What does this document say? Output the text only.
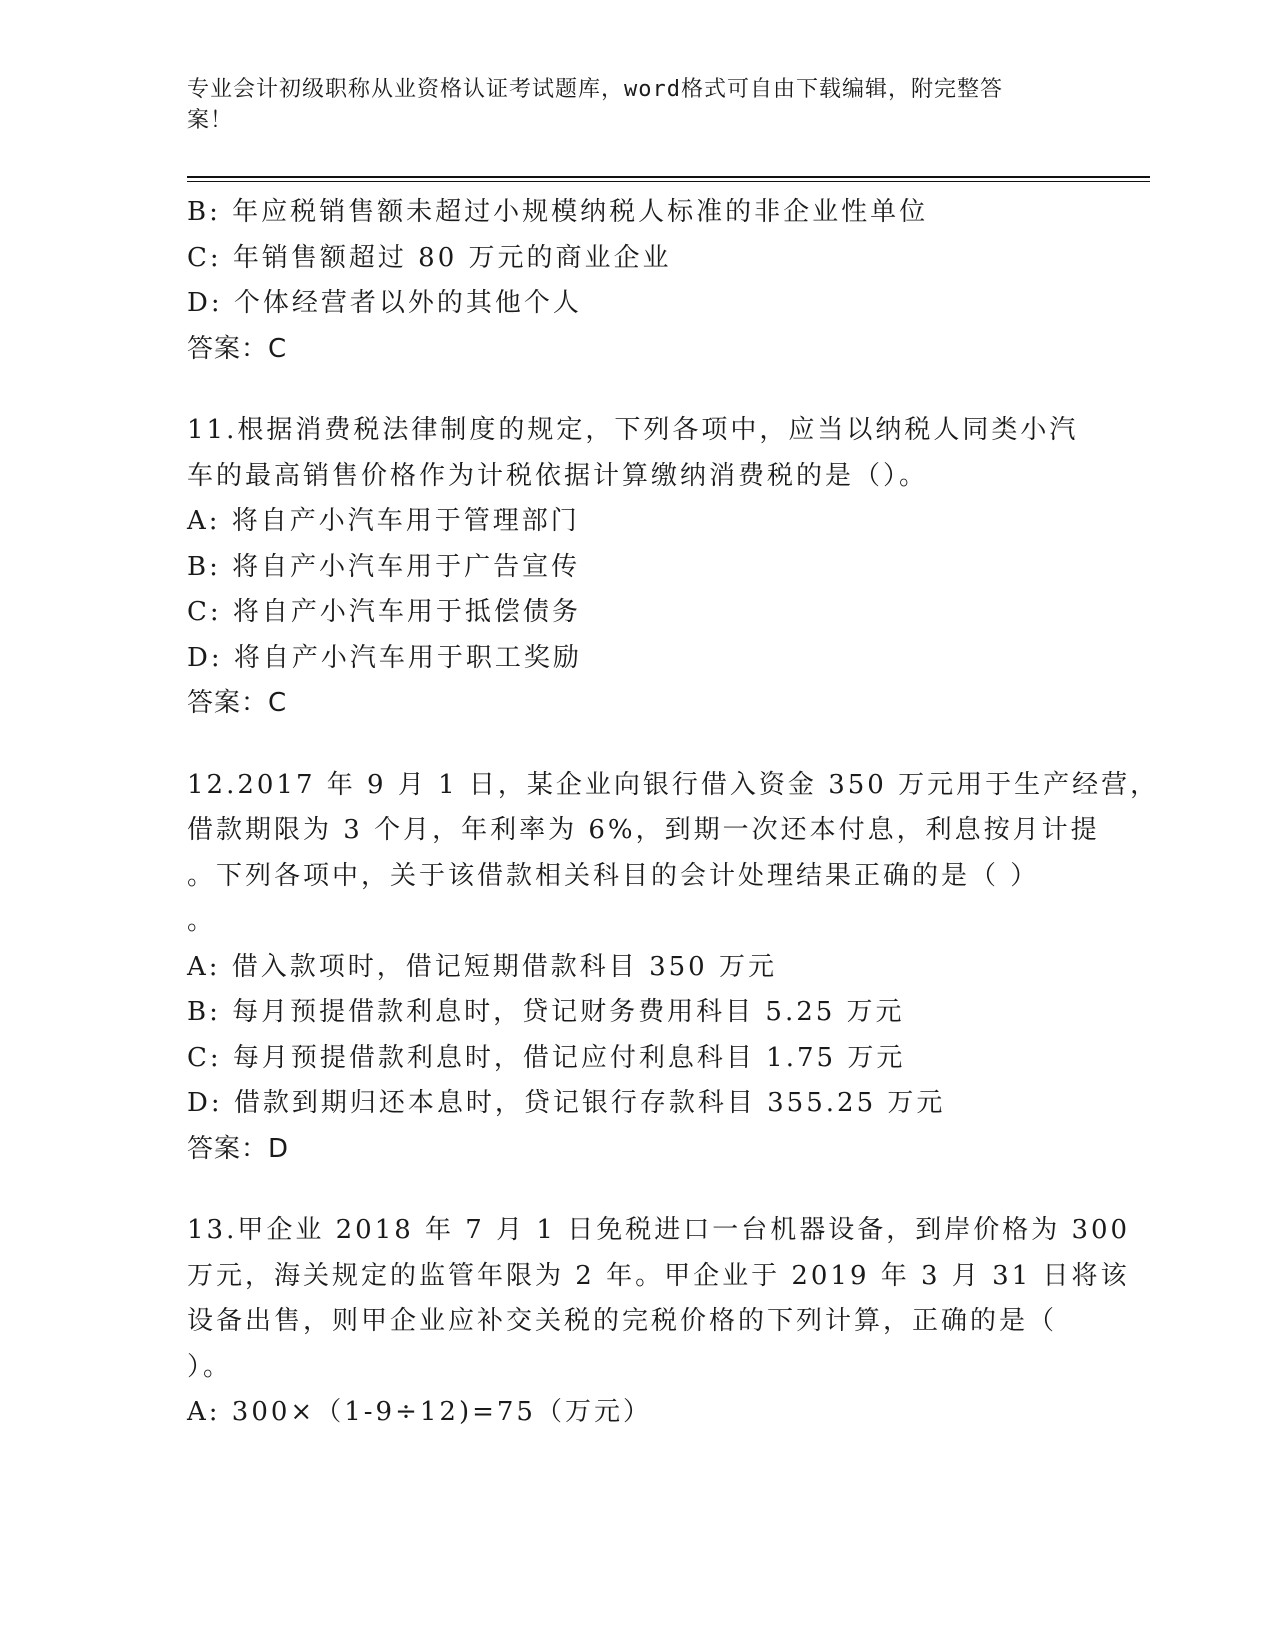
专业会计初级职称从业资格认证考试题库，word格式可自由下载编辑，附完整答
案！
B: 年应税销售额未超过小规模纳税人标准的非企业性单位
C: 年销售额超过 80 万元的商业企业
D: 个体经营者以外的其他个人
答案：C
11.根据消费税法律制度的规定，下列各项中，应当以纳税人同类小汽
车的最高销售价格作为计税依据计算缴纳消费税的是（）。
A: 将自产小汽车用于管理部门
B: 将自产小汽车用于广告宣传
C: 将自产小汽车用于抵偿债务
D: 将自产小汽车用于职工奖励
答案：C
12.2017 年 9 月 1 日，某企业向银行借入资金 350 万元用于生产经营，
借款期限为 3 个月，年利率为 6%，到期一次还本付息，利息按月计提
。下列各项中，关于该借款相关科目的会计处理结果正确的是（ ）
。
A: 借入款项时，借记短期借款科目 350 万元
B: 每月预提借款利息时，贷记财务费用科目 5.25 万元
C: 每月预提借款利息时，借记应付利息科目 1.75 万元
D: 借款到期归还本息时，贷记银行存款科目 355.25 万元
答案：D
13.甲企业 2018 年 7 月 1 日免税进口一台机器设备，到岸价格为 300
万元，海关规定的监管年限为 2 年。甲企业于 2019 年 3 月 31 日将该
设备出售，则甲企业应补交关税的完税价格的下列计算，正确的是（
）。
A: 300×（1-9÷12)=75（万元）
